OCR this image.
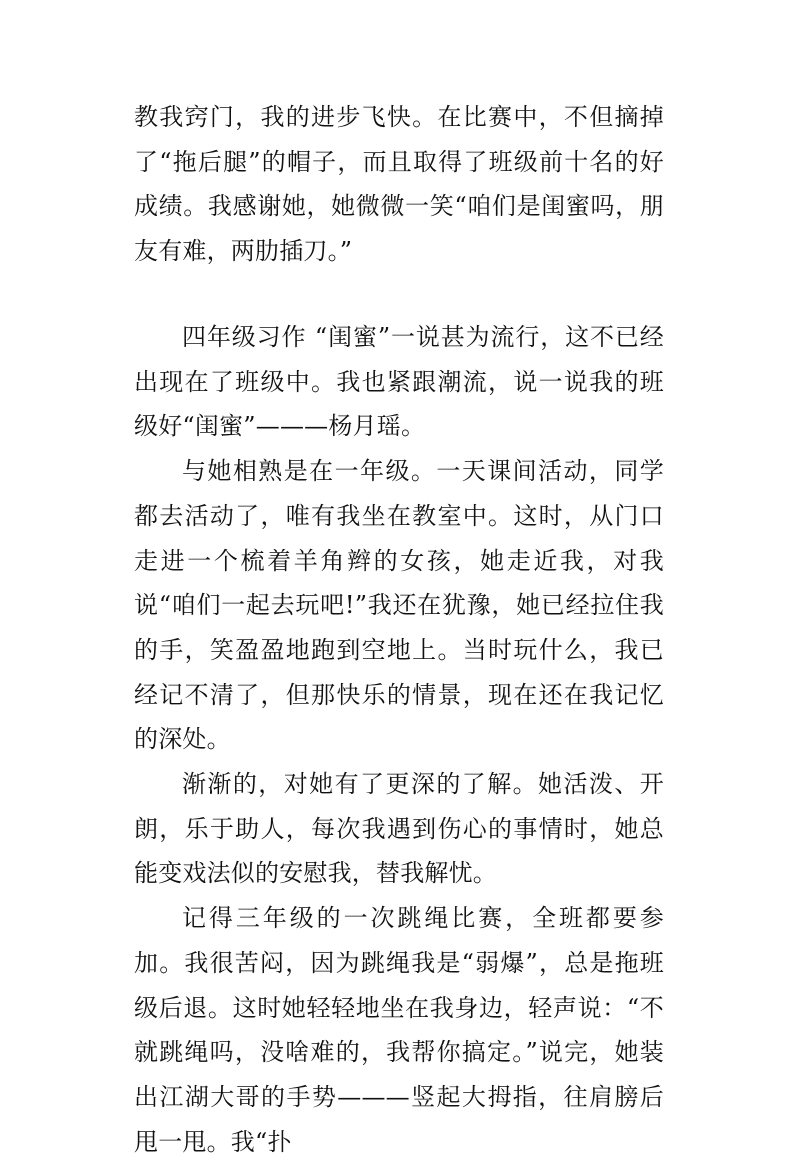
教我窍门，我的进步飞快。在比赛中，不但摘掉了“拖后腿”的帽子，而且取得了班级前十名的好成绩。我感谢她，她微微一笑“咱们是闺蜜吗，朋友有难，两肋插刀。”

四年级习作 “闺蜜”一说甚为流行，这不已经出现在了班级中。我也紧跟潮流，说一说我的班级好“闺蜜”———杨月瑶。

与她相熟是在一年级。一天课间活动，同学都去活动了，唯有我坐在教室中。这时，从门口走进一个梳着羊角辫的女孩，她走近我，对我说“咱们一起去玩吧!”我还在犹豫，她已经拉住我的手，笑盈盈地跑到空地上。当时玩什么，我已经记不清了，但那快乐的情景，现在还在我记忆的深处。

渐渐的，对她有了更深的了解。她活泼、开朗，乐于助人，每次我遇到伤心的事情时，她总能变戏法似的安慰我，替我解忧。

记得三年级的一次跳绳比赛，全班都要参加。我很苦闷，因为跳绳我是“弱爆”，总是拖班级后退。这时她轻轻地坐在我身边，轻声说：“不就跳绳吗，没啥难的，我帮你搞定。”说完，她装出江湖大哥的手势———竖起大拇指，往肩膀后甩一甩。我“扑
